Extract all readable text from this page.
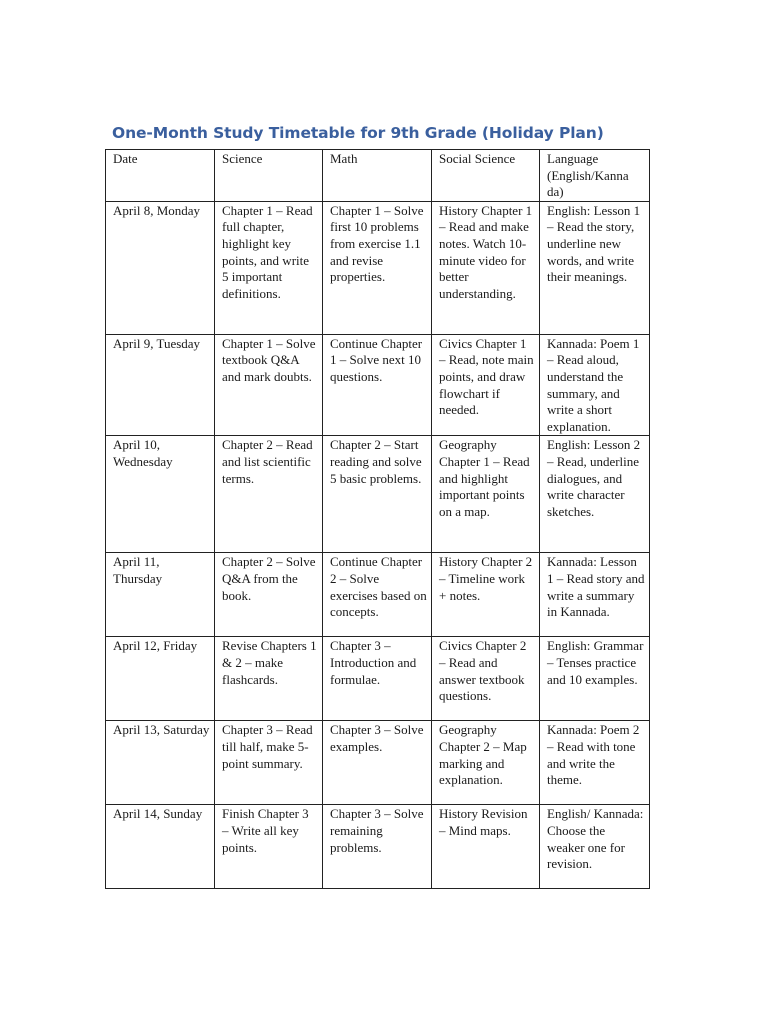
One-Month Study Timetable for 9th Grade (Holiday Plan)
Date	Science	Math	Social Science	Language (English/Kanna da)
April 8, Monday	Chapter 1 – Read full chapter, highlight key points, and write 5 important definitions.	Chapter 1 – Solve first 10 problems from exercise 1.1 and revise properties.	History Chapter 1 – Read and make notes. Watch 10-minute video for better understanding.	English: Lesson 1 – Read the story, underline new words, and write their meanings.
April 9, Tuesday	Chapter 1 – Solve textbook Q&A and mark doubts.	Continue Chapter 1 – Solve next 10 questions.	Civics Chapter 1 – Read, note main points, and draw flowchart if needed.	Kannada: Poem 1 – Read aloud, understand the summary, and write a short explanation.
April 10, Wednesday	Chapter 2 – Read and list scientific terms.	Chapter 2 – Start reading and solve 5 basic problems.	Geography Chapter 1 – Read and highlight important points on a map.	English: Lesson 2 – Read, underline dialogues, and write character sketches.
April 11, Thursday	Chapter 2 – Solve Q&A from the book.	Continue Chapter 2 – Solve exercises based on concepts.	History Chapter 2 – Timeline work + notes.	Kannada: Lesson 1 – Read story and write a summary in Kannada.
April 12, Friday	Revise Chapters 1 & 2 – make flashcards.	Chapter 3 – Introduction and formulae.	Civics Chapter 2 – Read and answer textbook questions.	English: Grammar – Tenses practice and 10 examples.
April 13, Saturday	Chapter 3 – Read till half, make 5-point summary.	Chapter 3 – Solve examples.	Geography Chapter 2 – Map marking and explanation.	Kannada: Poem 2 – Read with tone and write the theme.
April 14, Sunday	Finish Chapter 3 – Write all key points.	Chapter 3 – Solve remaining problems.	History Revision – Mind maps.	English/ Kannada: Choose the weaker one for revision.
